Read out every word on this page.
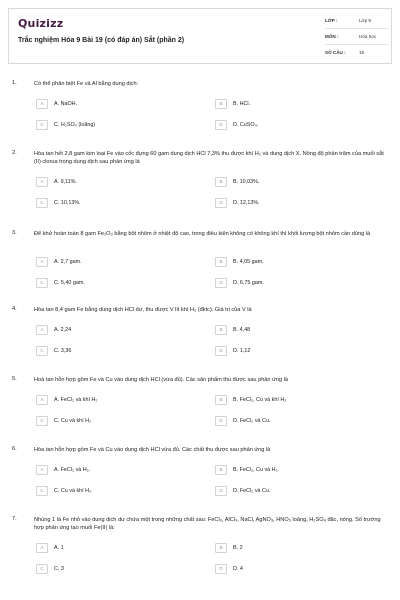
Quizizz
Trắc nghiệm Hóa 9 Bài 19 (có đáp án) Sắt (phần 2)
LỚP :	Lớp 9
MÔN :	Hóa học
SỐ CÂU :	16
1.	Có thể phân biệt Fe và Al bằng dung dịch:
A	A. NaOH.	B	B. HCl.
C	C. H₂SO₄ (loãng)	D	D. CuSO₄.
2.	Hòa tan hết 2,8 gam kim loại Fe vào cốc đựng 60 gam dung dịch HCl 7,3% thu được khí H₂ và dung dịch X. Nồng độ phần trăm của muối sắt (II) clorua trong dung dịch sau phản ứng là
A	A. 9,11%.	B	B. 10,03%.
C	C. 10,13%.	D	D. 12,13%.
3.	Để khử hoàn toàn 8 gam Fe₂O₃ bằng bột nhôm ở nhiệt độ cao, trong điều kiện không có không khí thì khối lượng bột nhôm cần dùng là
A	A. 2,7 gam.	B	B. 4,05 gam.
C	C. 5,40 gam.	D	D. 6,75 gam.
4.	Hòa tan 8,4 gam Fe bằng dung dịch HCl dư, thu được V lít khí H₂ (đktc). Giá trị của V là
A	A. 2,24	B	B. 4,48
C	C. 3,36	D	D. 1,12
5.	Hoà tan hỗn hợp gồm Fe và Cu vào dung dịch HCl (vừa đủ). Các sản phẩm thu được sau phản ứng là
A	A. FeCl₂ và khí H₂	B	B. FeCl₂, Cu và khí H₂
C	C. Cu và khí H₂	D	D. FeCl₂ và Cu.
6.	Hòa tan hỗn hợp gồm Fe và Cu vào dung dịch HCl vừa đủ. Các chất thu được sau phản ứng là
A	A. FeCl₂ và H₂.	B	B. FeCl₂, Cu và H₂.
C	C. Cu và khí H₂.	D	D. FeCl₂ và Cu.
7.	Nhúng 1 lá Fe nhỏ vào dung dịch dư chứa một trong những chất sau: FeCl₃, AlCl₃, NaCl, AgNO₃, HNO₃ loãng, H₂SO₄ đặc, nóng. Số trường hợp phản ứng tạo muối Fe(II) là:
A	A. 1	B	B. 2
C	C. 3	D	D. 4
